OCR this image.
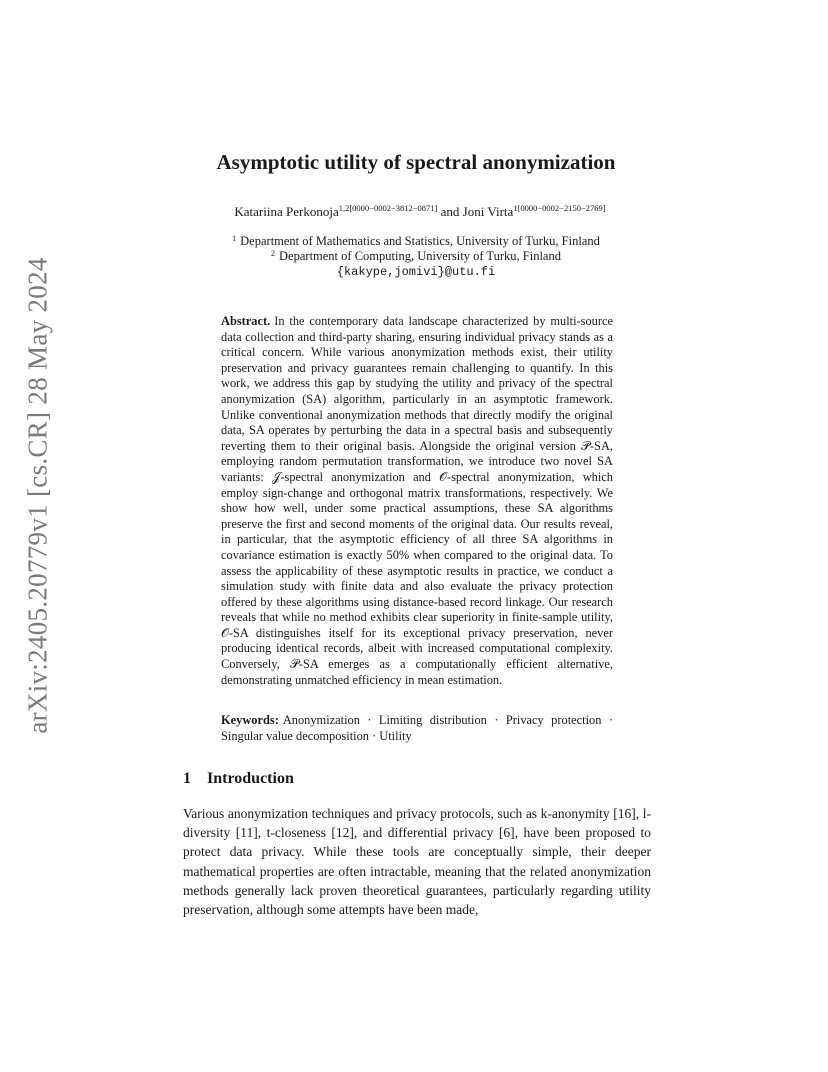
arXiv:2405.20779v1 [cs.CR] 28 May 2024
Asymptotic utility of spectral anonymization
Katariina Perkonoja$^{1,2[0000-0002-3812-0871]}$ and Joni Virta$^{1[0000-0002-2150-2769]}$
$^1$ Department of Mathematics and Statistics, University of Turku, Finland
$^2$ Department of Computing, University of Turku, Finland
{kakype,jomivi}@utu.fi
Abstract. In the contemporary data landscape characterized by multi-source data collection and third-party sharing, ensuring individual privacy stands as a critical concern. While various anonymization methods exist, their utility preservation and privacy guarantees remain challenging to quantify. In this work, we address this gap by studying the utility and privacy of the spectral anonymization (SA) algorithm, particularly in an asymptotic framework. Unlike conventional anonymization methods that directly modify the original data, SA operates by perturbing the data in a spectral basis and subsequently reverting them to their original basis. Alongside the original version 𝒫-SA, employing random permutation transformation, we introduce two novel SA variants: 𝒥-spectral anonymization and 𝒪-spectral anonymization, which employ sign-change and orthogonal matrix transformations, respectively. We show how well, under some practical assumptions, these SA algorithms preserve the first and second moments of the original data. Our results reveal, in particular, that the asymptotic efficiency of all three SA algorithms in covariance estimation is exactly 50% when compared to the original data. To assess the applicability of these asymptotic results in practice, we conduct a simulation study with finite data and also evaluate the privacy protection offered by these algorithms using distance-based record linkage. Our research reveals that while no method exhibits clear superiority in finite-sample utility, 𝒪-SA distinguishes itself for its exceptional privacy preservation, never producing identical records, albeit with increased computational complexity. Conversely, 𝒫-SA emerges as a computationally efficient alternative, demonstrating unmatched efficiency in mean estimation.
Keywords: Anonymization · Limiting distribution · Privacy protection · Singular value decomposition · Utility
1 Introduction
Various anonymization techniques and privacy protocols, such as k-anonymity [16], l-diversity [11], t-closeness [12], and differential privacy [6], have been proposed to protect data privacy. While these tools are conceptually simple, their deeper mathematical properties are often intractable, meaning that the related anonymization methods generally lack proven theoretical guarantees, particularly regarding utility preservation, although some attempts have been made,
